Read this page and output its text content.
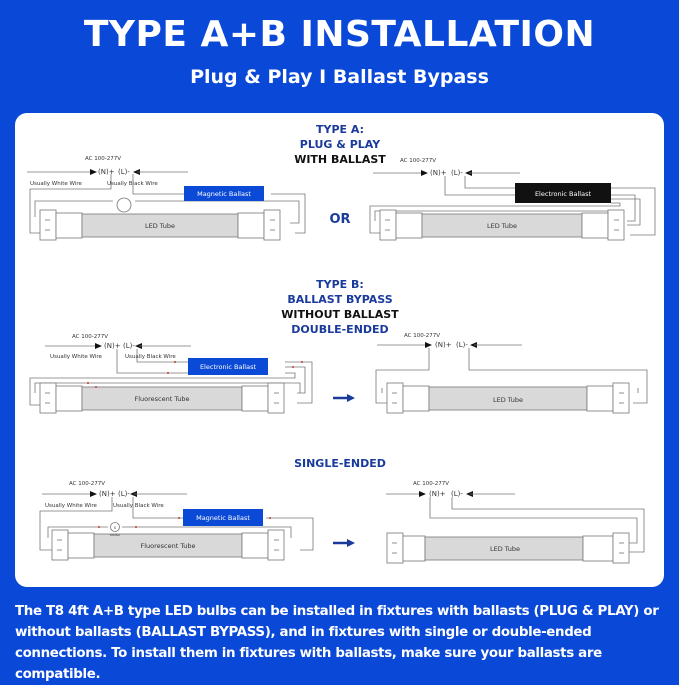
TYPE A+B INSTALLATION
Plug & Play I Ballast Bypass
TYPE A:
PLUG & PLAY
WITH BALLAST
OR
TYPE B:
BALLAST BYPASS
WITHOUT BALLAST
DOUBLE-ENDED
SINGLE-ENDED
AC 100-277V
(N)+ (L)-
Usually White Wire	Usually Black Wire
LED Tube
Magnetic Ballast
AC 100-277V
(N)+ (L)-
LED Tube
Electronic Ballast
AC 100-277V
(N)+ (L)-
Usually White Wire	Usually Black Wire
Fluorescent Tube
Electronic Ballast
AC 100-277V
(N)+ (L)-
LED Tube
AC 100-277V
(N)+ (L)-
Usually White Wire	Usually Black Wire
Fluorescent Tube
S
Starter
Magnetic Ballast
AC 100-277V
(N)+ (L)-
LED Tube
The T8 4ft A+B type LED bulbs can be installed in fixtures with ballasts (PLUG & PLAY) or without ballasts (BALLAST BYPASS), and in fixtures with single or double-ended connections. To install them in fixtures with ballasts, make sure your ballasts are compatible.
